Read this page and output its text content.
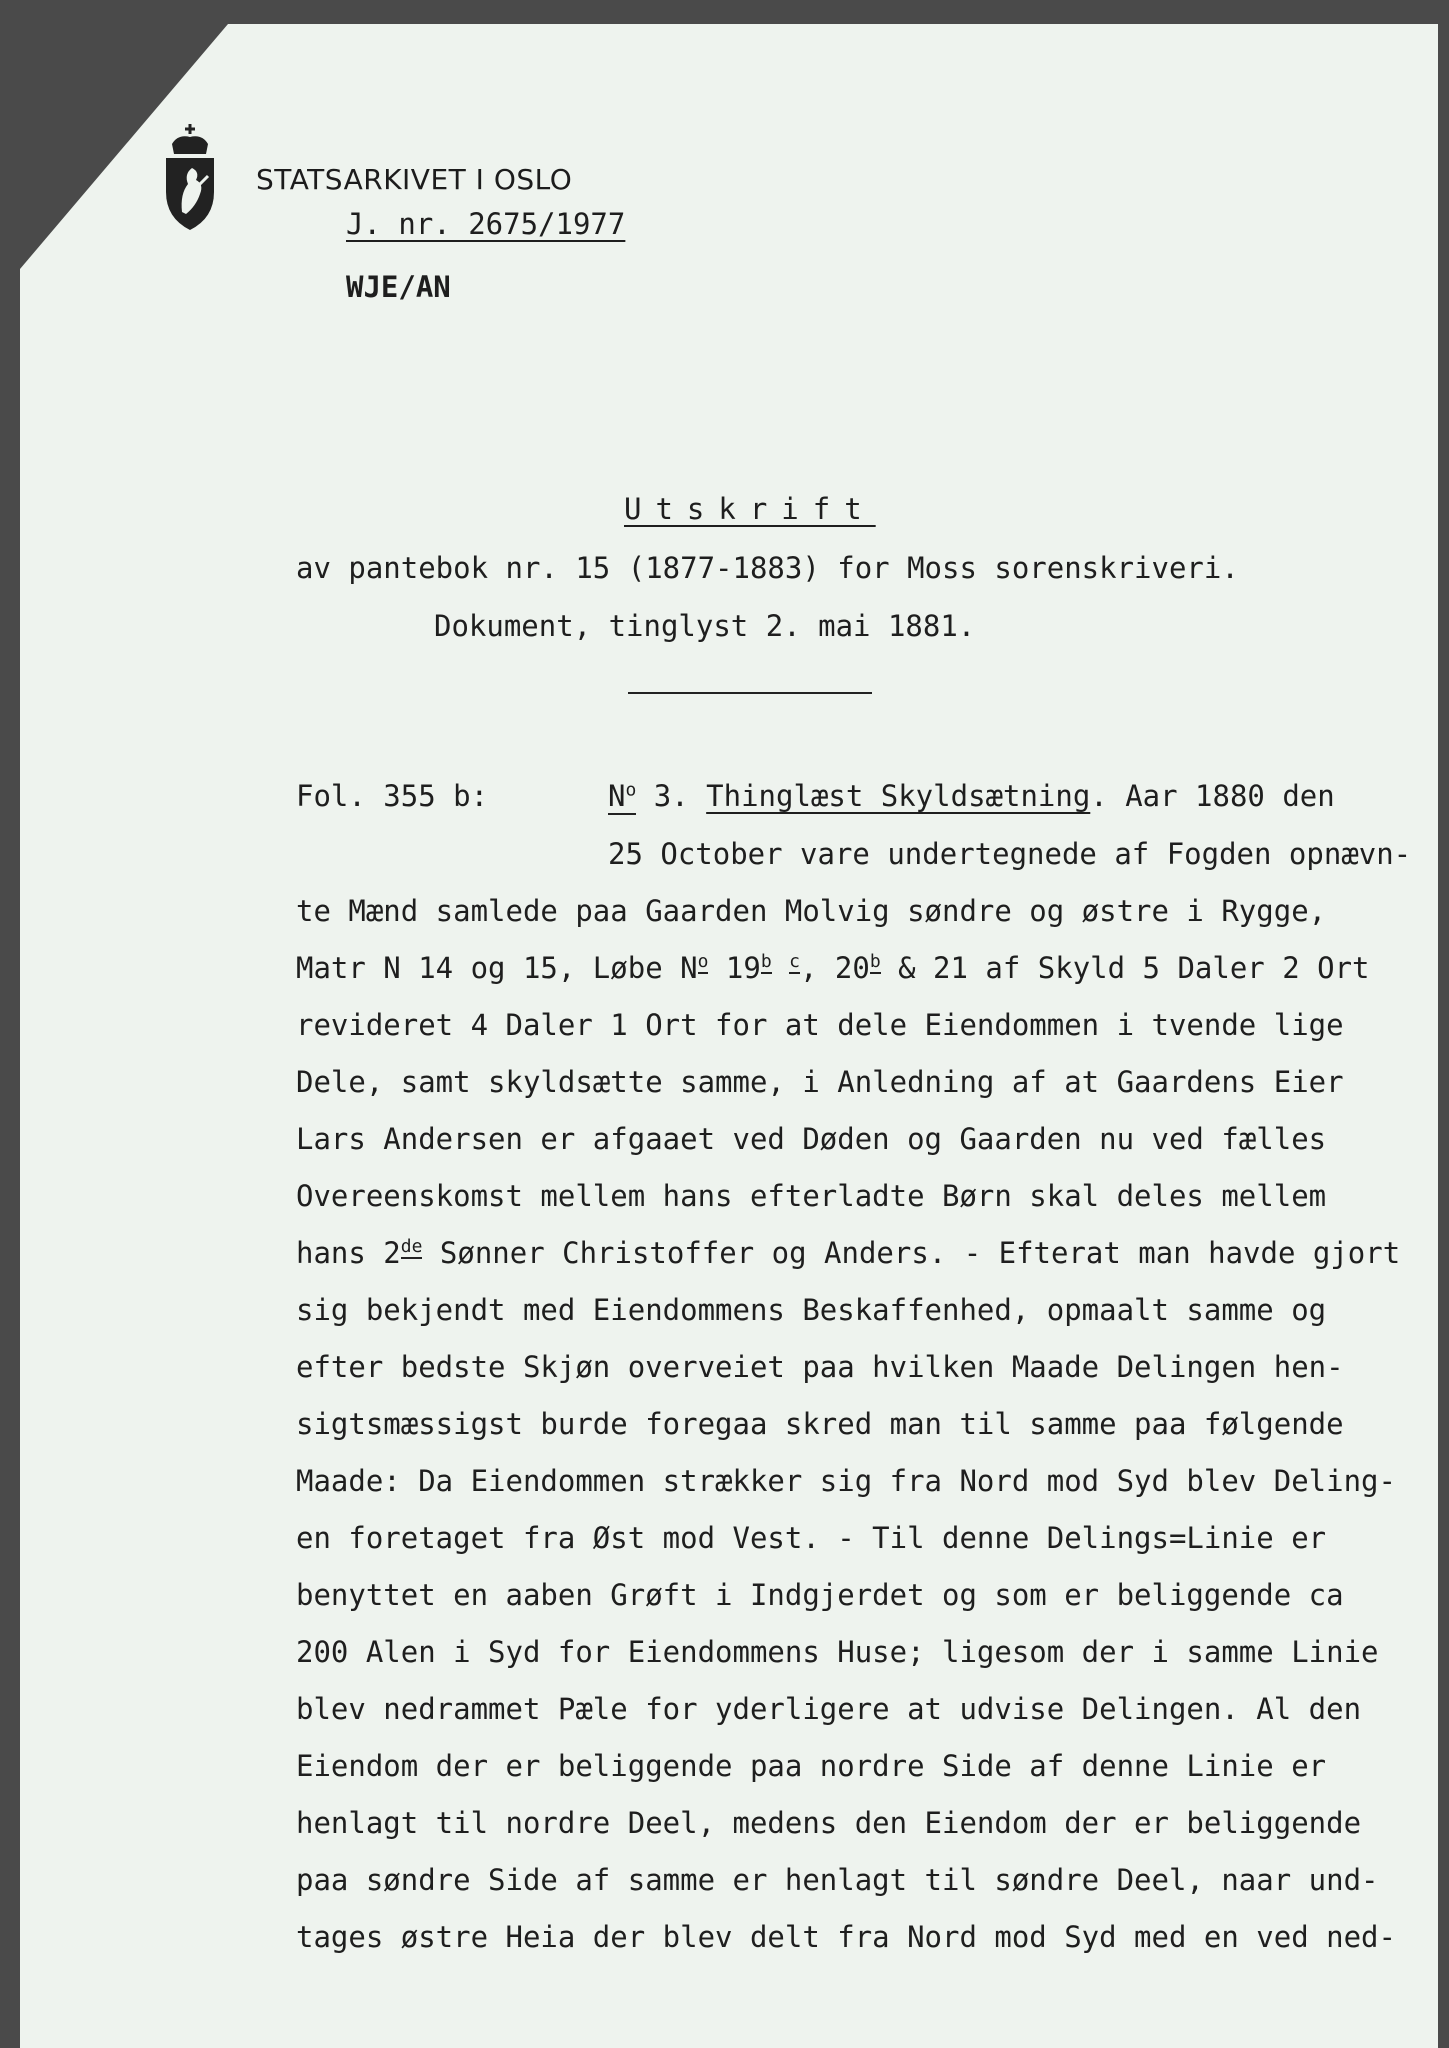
STATSARKIVET I OSLO
J. nr. 2675/1977
WJE/AN
Utskrift
av pantebok nr. 15 (1877-1883) for Moss sorenskriveri.
Dokument, tinglyst 2. mai 1881.
Fol. 355 b:	$N^o$ 3. Thinglæst Skyldsætning. Aar 1880 den
25 October vare undertegnede af Fogden opnævn-
te Mænd samlede paa Gaarden Molvig søndre og østre i Rygge,
Matr N 14 og 15, Løbe $N^o$ 19$^b$ $^c$, 20$^b$ & 21 af Skyld 5 Daler 2 Ort
revideret 4 Daler 1 Ort for at dele Eiendommen i tvende lige
Dele, samt skyldsætte samme, i Anledning af at Gaardens Eier
Lars Andersen er afgaaet ved Døden og Gaarden nu ved fælles
Overeenskomst mellem hans efterladte Børn skal deles mellem
hans 2de Sønner Christoffer og Anders. - Efterat man havde gjort
sig bekjendt med Eiendommens Beskaffenhed, opmaalt samme og
efter bedste Skjøn overveiet paa hvilken Maade Delingen hen-
sigtsmæssigst burde foregaa skred man til samme paa følgende
Maade: Da Eiendommen strækker sig fra Nord mod Syd blev Deling-
en foretaget fra Øst mod Vest. - Til denne Delings=Linie er
benyttet en aaben Grøft i Indgjerdet og som er beliggende ca
200 Alen i Syd for Eiendommens Huse; ligesom der i samme Linie
blev nedrammet Pæle for yderligere at udvise Delingen. Al den
Eiendom der er beliggende paa nordre Side af denne Linie er
henlagt til nordre Deel, medens den Eiendom der er beliggende
paa søndre Side af samme er henlagt til søndre Deel, naar und-
tages østre Heia der blev delt fra Nord mod Syd med en ved ned-
